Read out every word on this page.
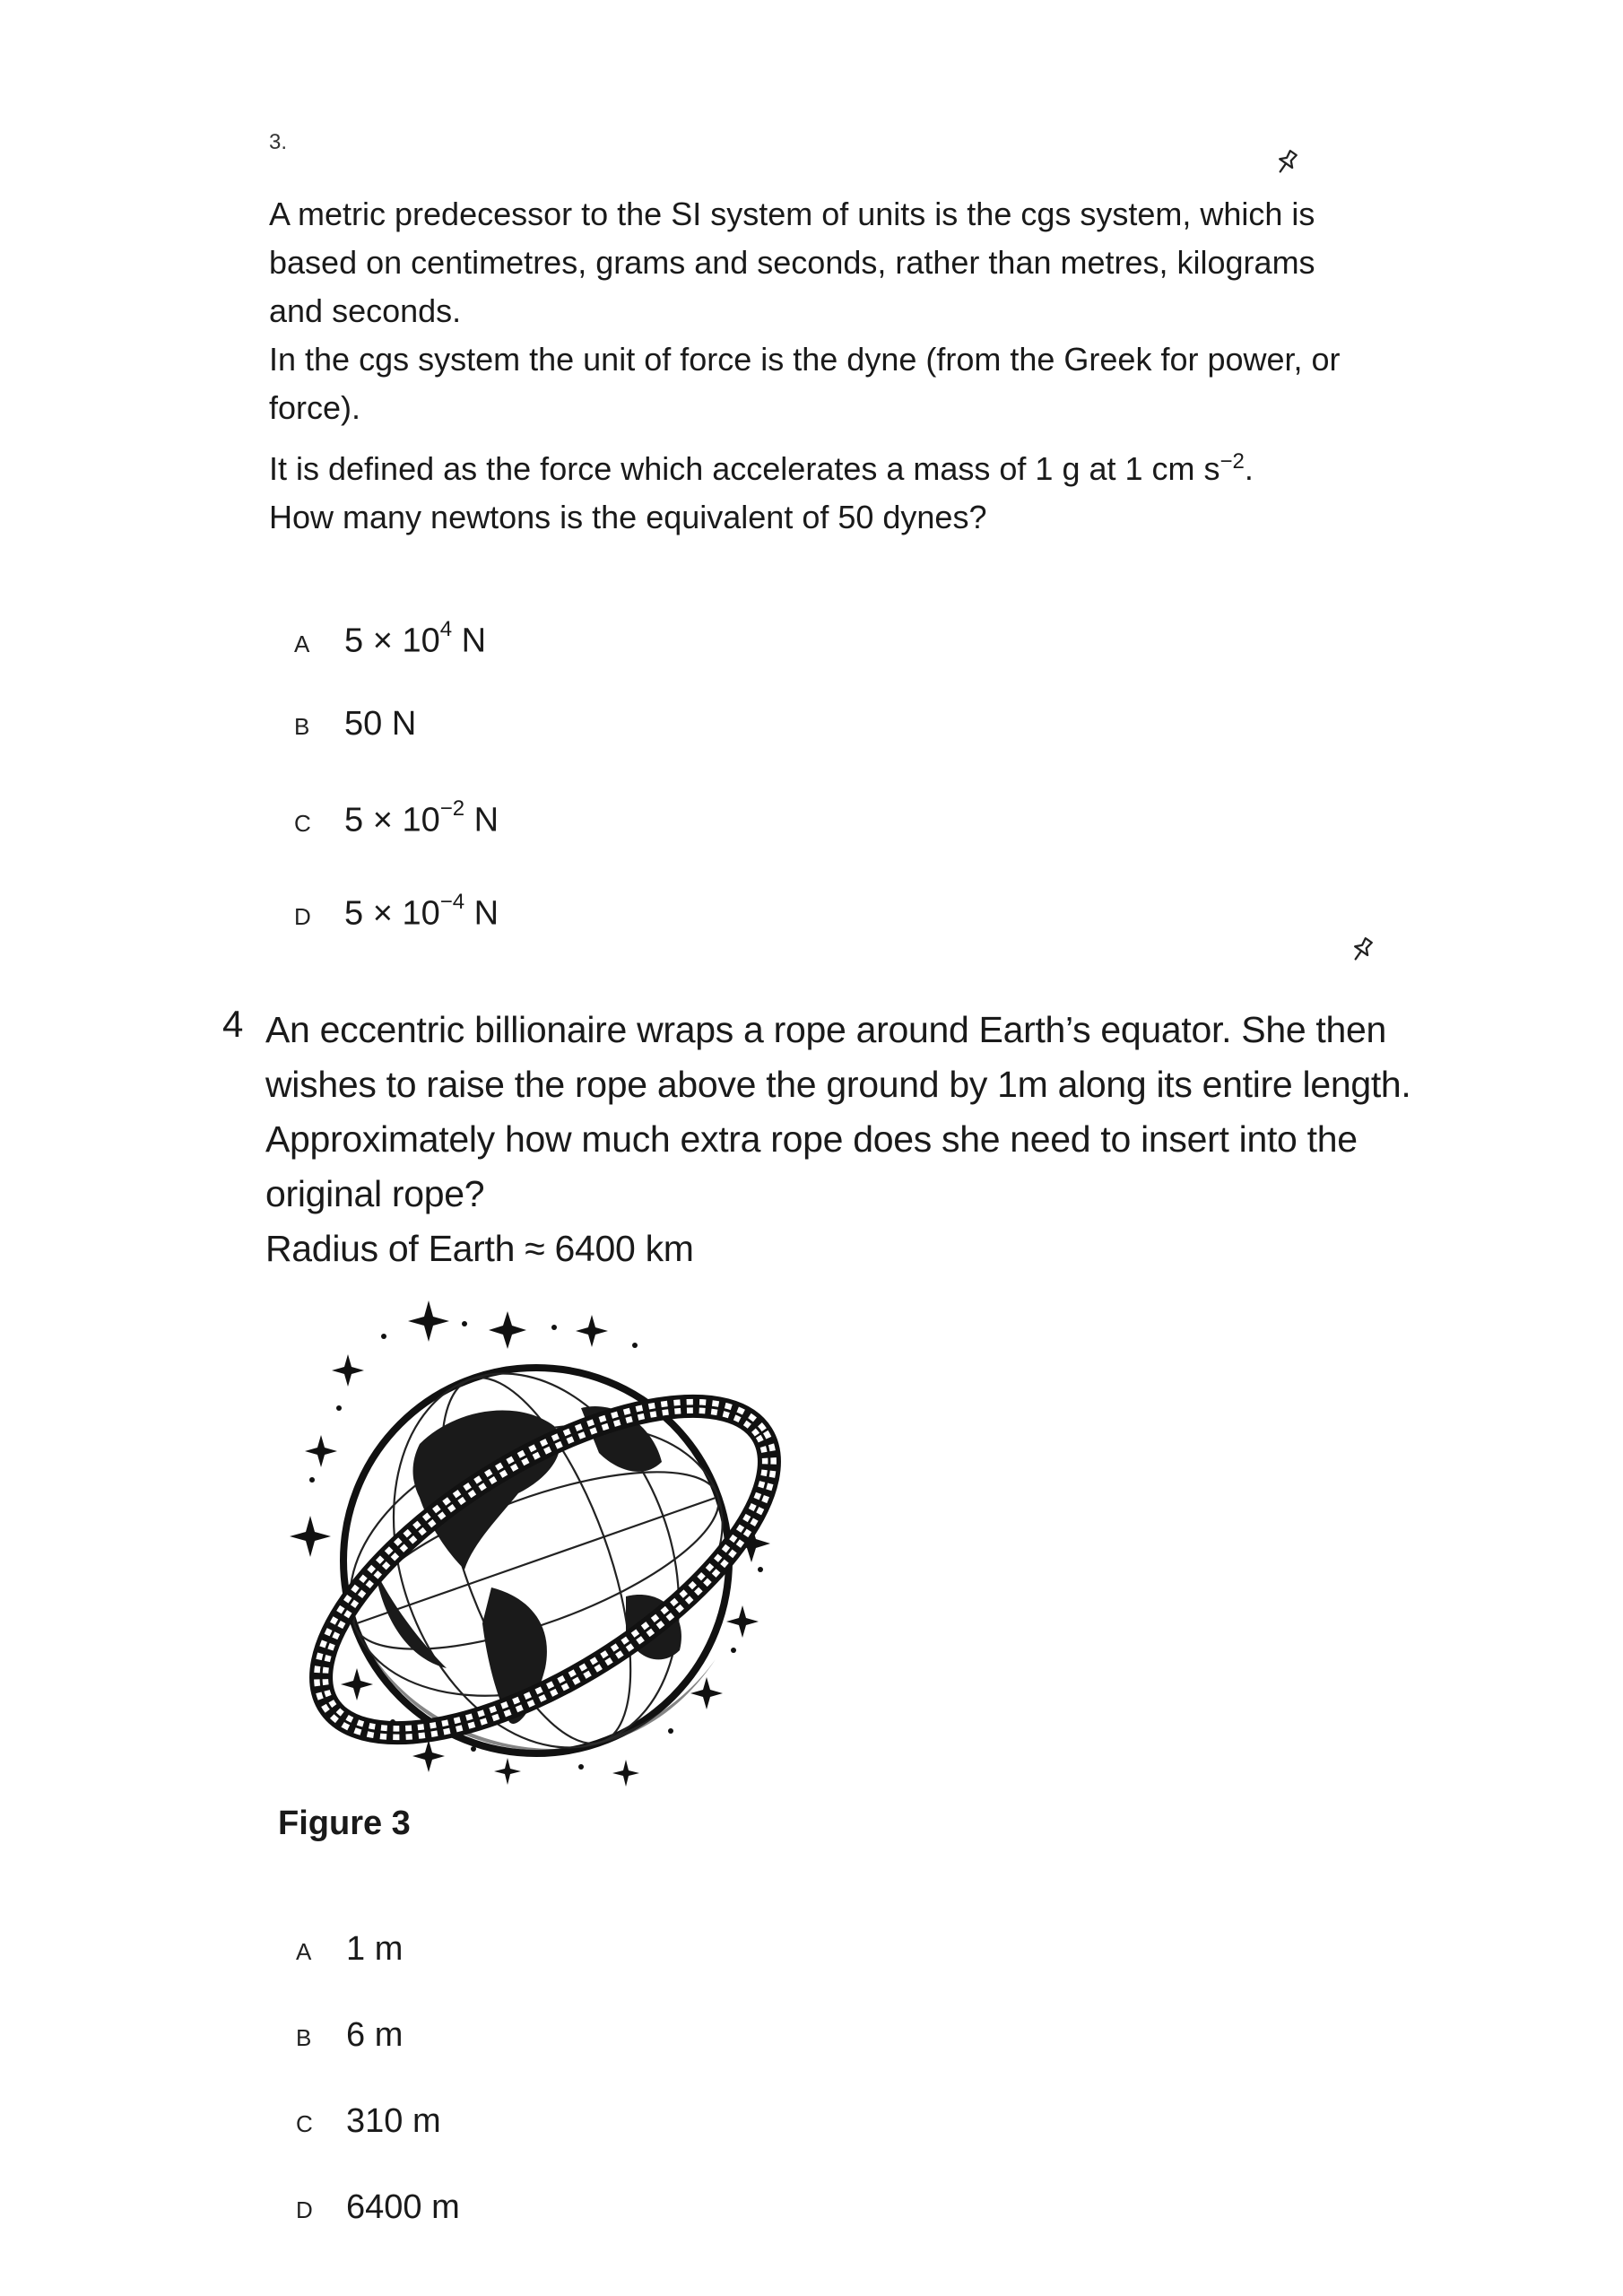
3.

A metric predecessor to the SI system of units is the cgs system, which is based on centimetres, grams and seconds, rather than metres, kilograms and seconds.

In the cgs system the unit of force is the dyne (from the Greek for power, or force).

It is defined as the force which accelerates a mass of 1 g at 1 cm $s^{-2}$.

How many newtons is the equivalent of 50 dynes?

A $5 \times 10^4$ N
B 50 N
C $5 \times 10^{-2}$ N
D $5 \times 10^{-4}$ N
4 An eccentric billionaire wraps a rope around Earth’s equator. She then

wishes to raise the rope above the ground by 1m along its entire length.

Approximately how much extra rope does she need to insert into the

original rope?

Radius of Earth ≈ 6400 km

Figure 3
A 1 m
B 6 m
C 310 m
D 6400 m
